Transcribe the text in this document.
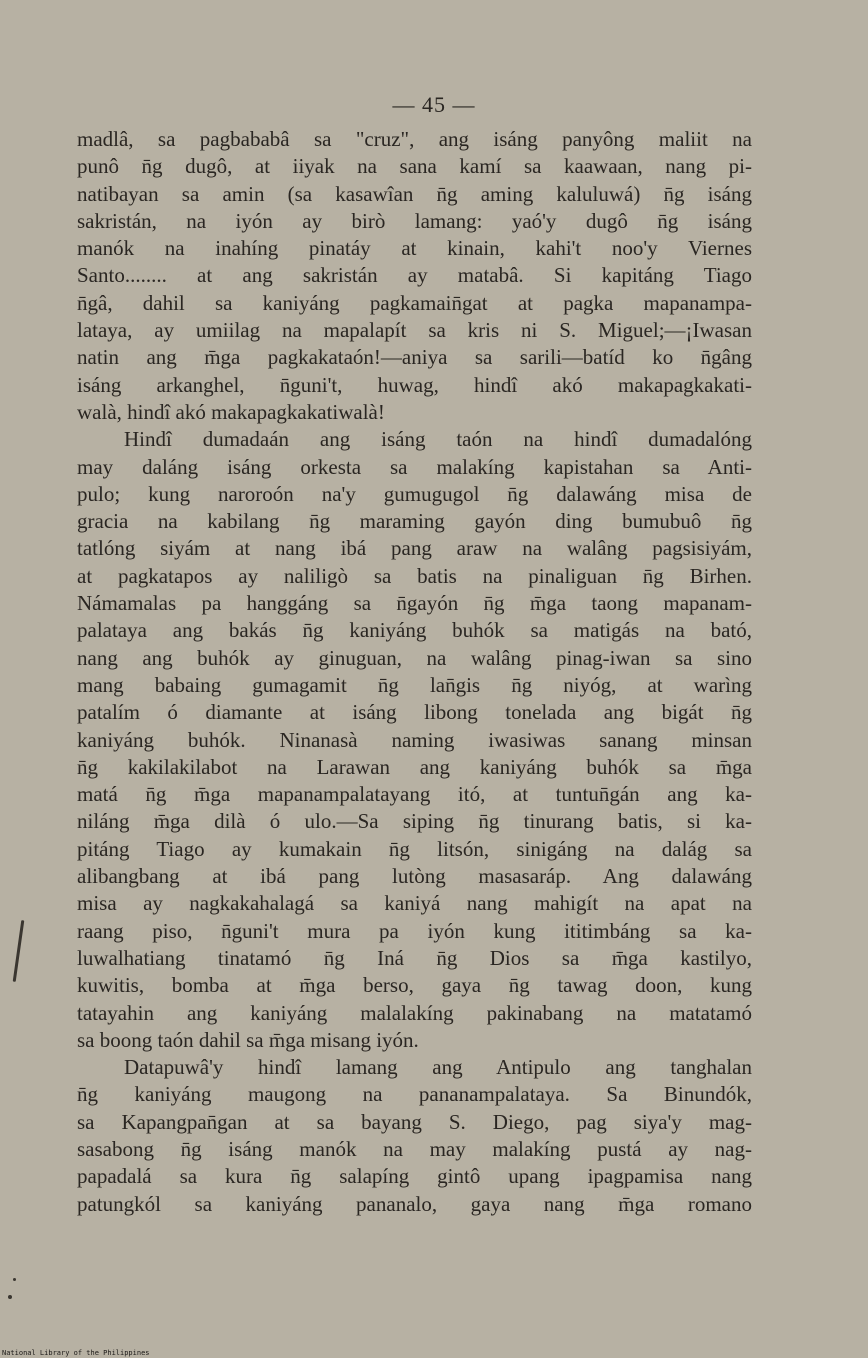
— 45 —
madlâ, sa pagbababâ sa "cruz", ang isáng panyông maliit na
punô n̄g dugô, at iiyak na sana kamí sa kaawaan, nang pi-
natibayan sa amin (sa kasawîan n̄g aming kaluluwá) n̄g isáng
sakristán, na iyón ay birò lamang: yaó'y dugô n̄g isáng
manók na inahíng pinatáy at kinain, kahi't noo'y Viernes
Santo........ at ang sakristán ay matabâ. Si kapitáng Tiago
n̄gâ, dahil sa kaniyáng pagkamain̄gat at pagka mapanampa-
lataya, ay umiilag na mapalapít sa kris ni S. Miguel;—¡Iwasan
natin ang m̄ga pagkakataón!—aniya sa sarili—batíd ko n̄gâng
isáng arkanghel, n̄guni't, huwag, hindî akó makapagkakati-
walà, hindî akó makapagkakatiwalà!
Hindî dumadaán ang isáng taón na hindî dumadalóng
may daláng isáng orkesta sa malakíng kapistahan sa Anti-
pulo; kung naroroón na'y gumugugol n̄g dalawáng misa de
gracia na kabilang n̄g maraming gayón ding bumubuô n̄g
tatlóng siyám at nang ibá pang araw na walâng pagsisiyám,
at pagkatapos ay naliligò sa batis na pinaliguan n̄g Birhen.
Námamalas pa hanggáng sa n̄gayón n̄g m̄ga taong mapanam-
palataya ang bakás n̄g kaniyáng buhók sa matigás na bató,
nang ang buhók ay ginuguan, na walâng pinag-iwan sa sino
mang babaing gumagamit n̄g lan̄gis n̄g niyóg, at warìng
patalím ó diamante at isáng libong tonelada ang bigát n̄g
kaniyáng buhók. Ninanasà naming iwasiwas sanang minsan
n̄g kakilakilabot na Larawan ang kaniyáng buhók sa m̄ga
matá n̄g m̄ga mapanampalatayang itó, at tuntun̄gán ang ka-
niláng m̄ga dilà ó ulo.—Sa siping n̄g tinurang batis, si ka-
pitáng Tiago ay kumakain n̄g litsón, sinigáng na dalág sa
alibangbang at ibá pang lutòng masasaráp. Ang dalawáng
misa ay nagkakahalagá sa kaniyá nang mahigít na apat na
raang piso, n̄guni't mura pa iyón kung ititimbáng sa ka-
luwalhatiang tinatamó n̄g Iná n̄g Dios sa m̄ga kastilyo,
kuwitis, bomba at m̄ga berso, gaya n̄g tawag doon, kung
tatayahin ang kaniyáng malalakíng pakinabang na matatamó
sa boong taón dahil sa m̄ga misang iyón.
Datapuwâ'y hindî lamang ang Antipulo ang tanghalan
n̄g kaniyáng maugong na pananampalataya. Sa Binundók,
sa Kapangpan̄gan at sa bayang S. Diego, pag siya'y mag-
sasabong n̄g isáng manók na may malakíng pustá ay nag-
papadalá sa kura n̄g salapíng gintô upang ipagpamisa nang
patungkól sa kaniyáng pananalo, gaya nang m̄ga romano
National Library of the Philippines
